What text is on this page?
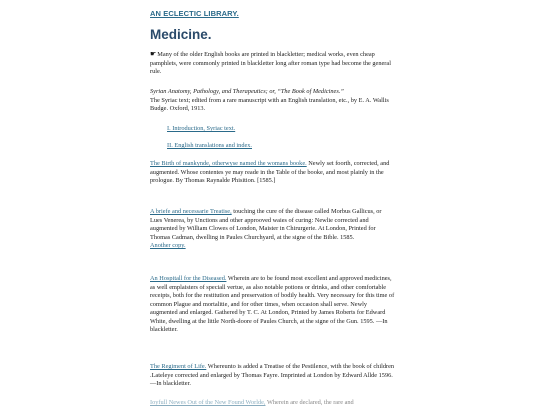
AN ECLECTIC LIBRARY.
Medicine.
☛Many of the older English books are printed in blackletter; medical works, even cheap pamphlets, were commonly printed in blackletter long after roman type had become the general rule.
Syrian Anatomy, Pathology, and Therapeutics; or, “The Book of Medicines.”
The Syriac text; edited from a rare manuscript with an English translation, etc., by E. A. Wallis Budge. Oxford, 1913.
I. Introduction, Syriac text.
II. English translations and index.
The Birth of mankynde, otherwyse named the womans booke. Newly set foorth, corrected, and augmented. Whose contentes ye may reade in the Table of the booke, and most plainly in the prologue. By Thomas Raynalde Phisition. [1585.]
A briefe and necessarie Treatise, touching the cure of the disease called Morbus Gallicus, or Lues Venerea, by Unctions and other approoved waies of curing: Newlie corrected and augmented by William Clowes of London, Maister in Chirurgerie. At London, Printed for Thomas Cadman, dwelling in Paules Churchyard, at the signe of the Bible. 1585.
Another copy.
An Hospitall for the Diseased. Wherein are to be found most excellent and approved medicines, as well emplaisters of speciall vertue, as also notable potions or drinks, and other comfortable receipts, both for the restitution and preservation of bodily health. Very necessary for this time of common Plague and mortalitie, and for other times, when occasion shall serve. Newly augmented and enlarged. Gathered by T. C. At London, Printed by James Roberts for Edward White, dwelling at the little North-doore of Paules Church, at the signe of the Gun. 1595. —In blackletter.
The Regiment of Life. Whereunto is added a Treatise of the Pestilence, with the book of children .Lateleye corrected and enlarged by Thomas Fayre. Imprinted at London by Edward Allde 1596. —In blackletter.
Ioyfull Newes Out of the New Found Worlde, Wherein are declared, the rare and
